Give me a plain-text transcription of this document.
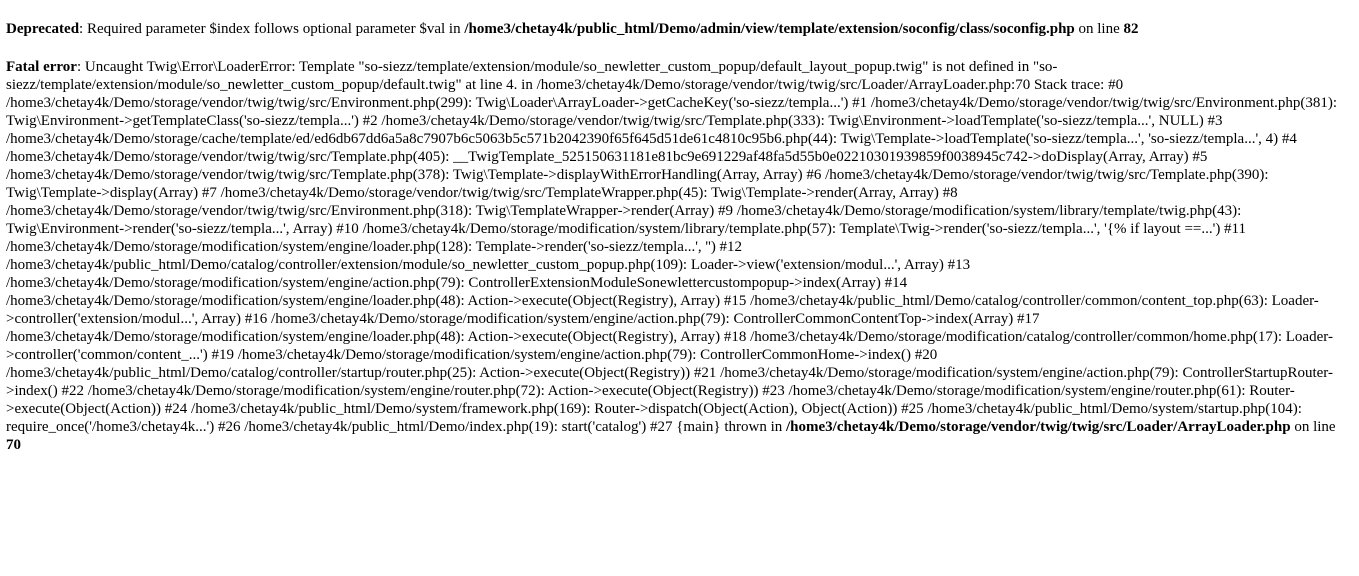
Deprecated: Required parameter $index follows optional parameter $val in /home3/chetay4k/public_html/Demo/admin/view/template/extension/soconfig/class/soconfig.php on line 82

Fatal error: Uncaught Twig\Error\LoaderError: Template "so-siezz/template/extension/module/so_newletter_custom_popup/default_layout_popup.twig" is not defined in "so-siezz/template/extension/module/so_newletter_custom_popup/default.twig" at line 4. in /home3/chetay4k/Demo/storage/vendor/twig/twig/src/Loader/ArrayLoader.php:70 Stack trace: #0 /home3/chetay4k/Demo/storage/vendor/twig/twig/src/Environment.php(299): Twig\Loader\ArrayLoader->getCacheKey('so-siezz/templa...') #1 /home3/chetay4k/Demo/storage/vendor/twig/twig/src/Environment.php(381): Twig\Environment->getTemplateClass('so-siezz/templa...') #2 /home3/chetay4k/Demo/storage/vendor/twig/twig/src/Template.php(333): Twig\Environment->loadTemplate('so-siezz/templa...', NULL) #3 /home3/chetay4k/Demo/storage/cache/template/ed/ed6db67dd6a5a8c7907b6c5063b5c571b2042390f65f645d51de61c4810c95b6.php(44): Twig\Template->loadTemplate('so-siezz/templa...', 'so-siezz/templa...', 4) #4 /home3/chetay4k/Demo/storage/vendor/twig/twig/src/Template.php(405): __TwigTemplate_525150631181e81bc9e691229af48fa5d55b0e02210301939859f0038945c742->doDisplay(Array, Array) #5 /home3/chetay4k/Demo/storage/vendor/twig/twig/src/Template.php(378): Twig\Template->displayWithErrorHandling(Array, Array) #6 /home3/chetay4k/Demo/storage/vendor/twig/twig/src/Template.php(390): Twig\Template->display(Array) #7 /home3/chetay4k/Demo/storage/vendor/twig/twig/src/TemplateWrapper.php(45): Twig\Template->render(Array, Array) #8 /home3/chetay4k/Demo/storage/vendor/twig/twig/src/Environment.php(318): Twig\TemplateWrapper->render(Array) #9 /home3/chetay4k/Demo/storage/modification/system/library/template/twig.php(43): Twig\Environment->render('so-siezz/templa...', Array) #10 /home3/chetay4k/Demo/storage/modification/system/library/template.php(57): Template\Twig->render('so-siezz/templa...', '{% if layout ==...') #11 /home3/chetay4k/Demo/storage/modification/system/engine/loader.php(128): Template->render('so-siezz/templa...', '') #12 /home3/chetay4k/public_html/Demo/catalog/controller/extension/module/so_newletter_custom_popup.php(109): Loader->view('extension/modul...', Array) #13 /home3/chetay4k/Demo/storage/modification/system/engine/action.php(79): ControllerExtensionModuleSonewlettercustompopup->index(Array) #14 /home3/chetay4k/Demo/storage/modification/system/engine/loader.php(48): Action->execute(Object(Registry), Array) #15 /home3/chetay4k/public_html/Demo/catalog/controller/common/content_top.php(63): Loader->controller('extension/modul...', Array) #16 /home3/chetay4k/Demo/storage/modification/system/engine/action.php(79): ControllerCommonContentTop->index(Array) #17 /home3/chetay4k/Demo/storage/modification/system/engine/loader.php(48): Action->execute(Object(Registry), Array) #18 /home3/chetay4k/Demo/storage/modification/catalog/controller/common/home.php(17): Loader->controller('common/content_...') #19 /home3/chetay4k/Demo/storage/modification/system/engine/action.php(79): ControllerCommonHome->index() #20 /home3/chetay4k/public_html/Demo/catalog/controller/startup/router.php(25): Action->execute(Object(Registry)) #21 /home3/chetay4k/Demo/storage/modification/system/engine/action.php(79): ControllerStartupRouter->index() #22 /home3/chetay4k/Demo/storage/modification/system/engine/router.php(72): Action->execute(Object(Registry)) #23 /home3/chetay4k/Demo/storage/modification/system/engine/router.php(61): Router->execute(Object(Action)) #24 /home3/chetay4k/public_html/Demo/system/framework.php(169): Router->dispatch(Object(Action), Object(Action)) #25 /home3/chetay4k/public_html/Demo/system/startup.php(104): require_once('/home3/chetay4k...') #26 /home3/chetay4k/public_html/Demo/index.php(19): start('catalog') #27 {main} thrown in /home3/chetay4k/Demo/storage/vendor/twig/twig/src/Loader/ArrayLoader.php on line 70
